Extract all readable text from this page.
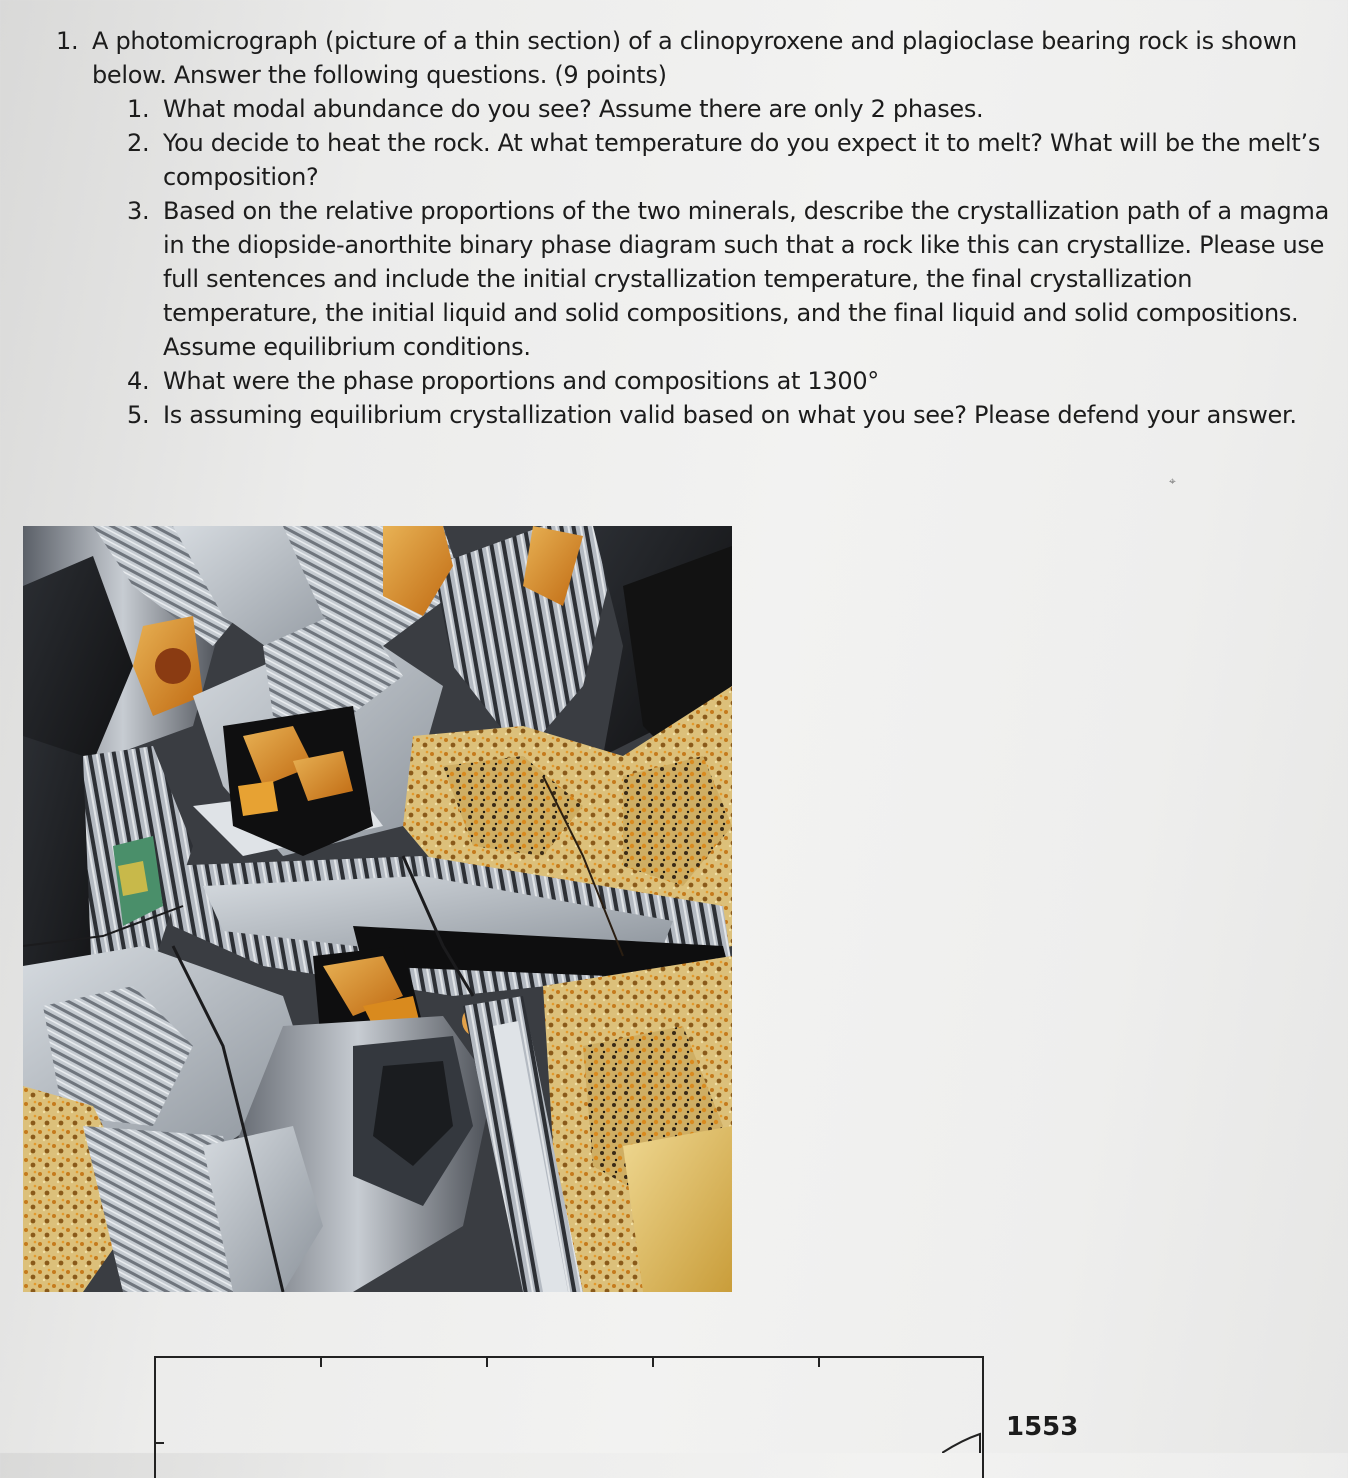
1. A photomicrograph (picture of a thin section) of a clinopyroxene and plagioclase bearing rock is shown below. Answer the following questions. (9 points)
1. What modal abundance do you see? Assume there are only 2 phases.
2. You decide to heat the rock. At what temperature do you expect it to melt? What will be the melt’s composition?
3. Based on the relative proportions of the two minerals, describe the crystallization path of a magma in the diopside-anorthite binary phase diagram such that a rock like this can crystallize. Please use full sentences and include the initial crystallization temperature, the final crystallization temperature, the initial liquid and solid compositions, and the final liquid and solid compositions. Assume equilibrium conditions.
4. What were the phase proportions and compositions at 1300°
5. Is assuming equilibrium crystallization valid based on what you see? Please defend your answer.
⌖
1553
